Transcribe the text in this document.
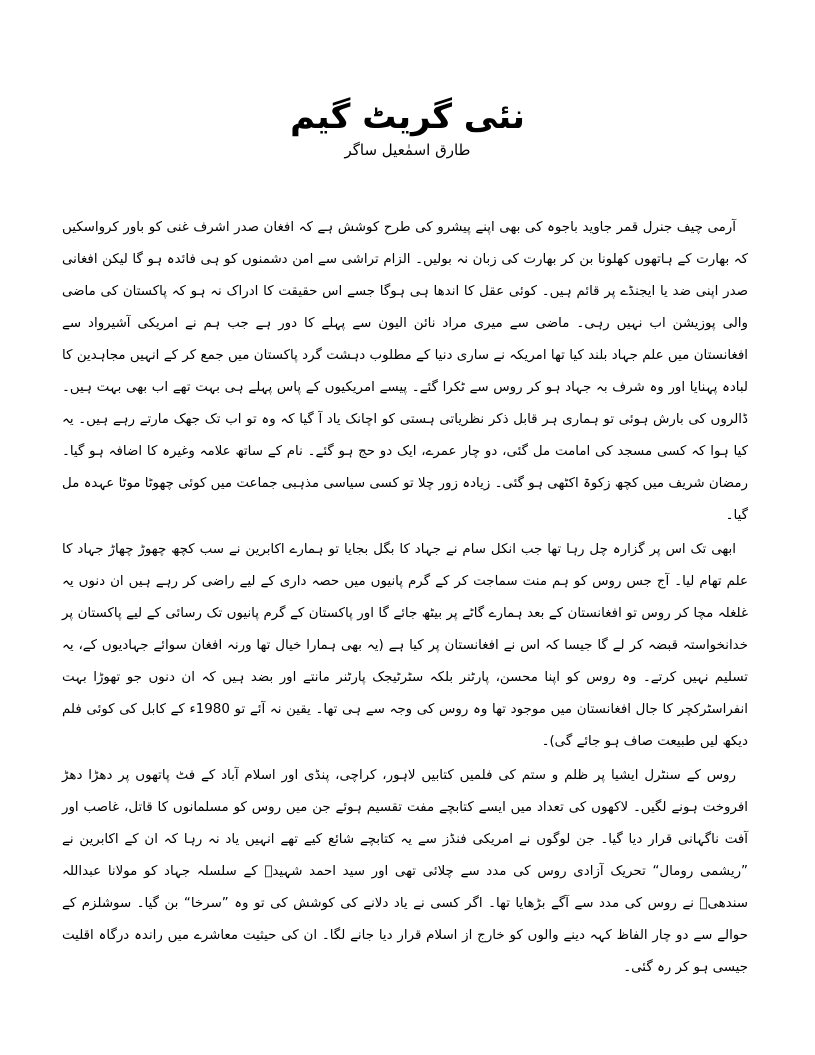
نئی گریٹ گیم
طارق اسمٰعیل ساگر

آرمی چیف جنرل قمر جاوید باجوہ کی بھی اپنے پیشرو کی طرح کوشش ہے کہ افغان صدر اشرف غنی کو باور کرواسکیں کہ بھارت کے ہاتھوں کھلونا بن کر بھارت کی زبان نہ بولیں۔ الزام تراشی سے امن دشمنوں کو ہی فائدہ ہو گا لیکن افغانی صدر اپنی ضد یا ایجنڈے پر قائم ہیں۔ کوئی عقل کا اندھا ہی ہوگا جسے اس حقیقت کا ادراک نہ ہو کہ پاکستان کی ماضی والی پوزیشن اب نہیں رہی۔ ماضی سے میری مراد نائن الیون سے پہلے کا دور ہے جب ہم نے امریکی آشیرواد سے افغانستان میں علم جہاد بلند کیا تھا امریکہ نے ساری دنیا کے مطلوب دہشت گرد پاکستان میں جمع کر کے انہیں مجاہدین کا لبادہ پہنایا اور وہ شرف بہ جہاد ہو کر روس سے ٹکرا گئے۔ پیسے امریکیوں کے پاس پہلے ہی بہت تھے اب بھی بہت ہیں۔ ڈالروں کی بارش ہوئی تو ہماری ہر قابل ذکر نظریاتی ہستی کو اچانک یاد آ گیا کہ وہ تو اب تک جھک مارتے رہے ہیں۔ یہ کیا ہوا کہ کسی مسجد کی امامت مل گئی، دو چار عمرے، ایک دو حج ہو گئے۔ نام کے ساتھ علامہ وغیرہ کا اضافہ ہو گیا۔ رمضان شریف میں کچھ زکوۃ اکٹھی ہو گئی۔ زیادہ زور چلا تو کسی سیاسی مذہبی جماعت میں کوئی چھوٹا موٹا عہدہ مل گیا۔

ابھی تک اس پر گزارہ چل رہا تھا جب انکل سام نے جہاد کا بگل بجایا تو ہمارے اکابرین نے سب کچھ چھوڑ چھاڑ جہاد کا علم تھام لیا۔ آج جس روس کو ہم منت سماجت کر کے گرم پانیوں میں حصہ داری کے لیے راضی کر رہے ہیں ان دنوں یہ غلغلہ مچا کر روس تو افغانستان کے بعد ہمارے گاٹے پر بیٹھ جائے گا اور پاکستان کے گرم پانیوں تک رسائی کے لیے پاکستان پر خدانخواستہ قبضہ کر لے گا جیسا کہ اس نے افغانستان پر کیا ہے (یہ بھی ہمارا خیال تھا ورنہ افغان سوائے جہادیوں کے، یہ تسلیم نہیں کرتے۔ وہ روس کو اپنا محسن، پارٹنر بلکہ سٹرٹیجک پارٹنر مانتے اور بضد ہیں کہ ان دنوں جو تھوڑا بہت انفراسٹرکچر کا جال افغانستان میں موجود تھا وہ روس کی وجہ سے ہی تھا۔ یقین نہ آئے تو 1980ء کے کابل کی کوئی فلم دیکھ لیں طبیعت صاف ہو جائے گی)۔

روس کے سنٹرل ایشیا پر ظلم و ستم کی فلمیں کتابیں لاہور، کراچی، پنڈی اور اسلام آباد کے فٹ پاتھوں پر دھڑا دھڑ افروخت ہونے لگیں۔ لاکھوں کی تعداد میں ایسے کتابچے مفت تقسیم ہوئے جن میں روس کو مسلمانوں کا قاتل، غاصب اور آفت ناگہانی قرار دیا گیا۔ جن لوگوں نے امریکی فنڈز سے یہ کتابچے شائع کیے تھے انہیں یاد نہ رہا کہ ان کے اکابرین نے ”ریشمی رومال“ تحریک آزادی روس کی مدد سے چلائی تھی اور سید احمد شہیدؒ کے سلسلہ جہاد کو مولانا عبداللہ سندھیؒ نے روس کی مدد سے آگے بڑھایا تھا۔ اگر کسی نے یاد دلانے کی کوشش کی تو وہ ”سرخا“ بن گیا۔ سوشلزم کے حوالے سے دو چار الفاظ کہہ دینے والوں کو خارج از اسلام قرار دیا جانے لگا۔ ان کی حیثیت معاشرے میں راندہ درگاہ اقلیت جیسی ہو کر رہ گئی۔
